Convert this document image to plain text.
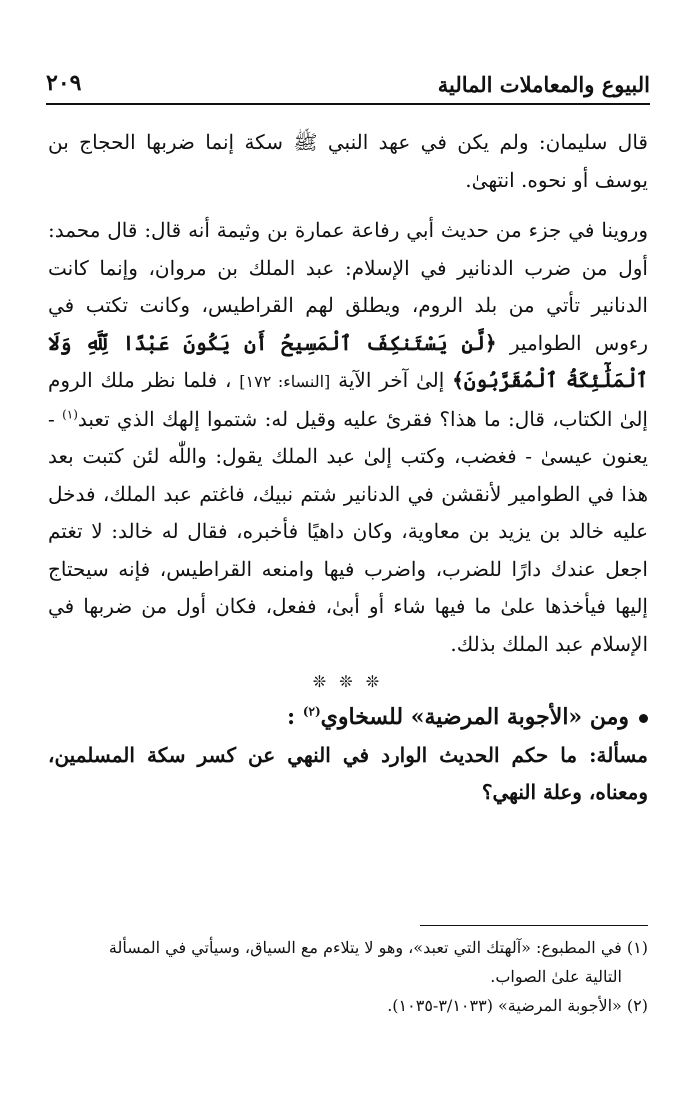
البيوع والمعاملات المالية
٢٠٩

قال سليمان: ولم يكن في عهد النبي ﷺ سكة إنما ضربها الحجاج بن يوسف أو نحوه. انتهىٰ.

وروينا في جزء من حديث أبي رفاعة عمارة بن وثيمة أنه قال: قال محمد: أول من ضرب الدنانير في الإسلام: عبد الملك بن مروان، وإنما كانت الدنانير تأتي من بلد الروم، ويطلق لهم القراطيس، وكانت تكتب في رءوس الطوامير ﴿لَّن يَسْتَنكِفَ ٱلْمَسِيحُ أَن يَكُونَ عَبْدًا لِّلَّهِ وَلَا ٱلْمَلَٰٓئِكَةُ ٱلْمُقَرَّبُونَ﴾ إلىٰ آخر الآية [النساء: ١٧٢] ، فلما نظر ملك الروم إلىٰ الكتاب، قال: ما هذا؟ فقرئ عليه وقيل له: شتموا إلهك الذي تعبد$^{(١)}$ - يعنون عيسىٰ - فغضب، وكتب إلىٰ عبد الملك يقول: واللّٰه لئن كتبت بعد هذا في الطوامير لأنقشن في الدنانير شتم نبيك، فاغتم عبد الملك، فدخل عليه خالد بن يزيد بن معاوية، وكان داهيًا فأخبره، فقال له خالد: لا تغتم اجعل عندك دارًا للضرب، واضرب فيها وامنعه القراطيس، فإنه سيحتاج إليها فيأخذها علىٰ ما فيها شاء أو أبىٰ، ففعل، فكان أول من ضربها في الإسلام عبد الملك بذلك.

❊ ❊ ❊

ومن «الأجوبة المرضية» للسخاوي$^{(٢)}$ :

مسألة: ما حكم الحديث الوارد في النهي عن كسر سكة المسلمين، ومعناه، وعلة النهي؟

(١) في المطبوع: «آلهتك التي تعبد»، وهو لا يتلاءم مع السياق، وسيأتي في المسألة

التالية علىٰ الصواب.

(٢) «الأجوبة المرضية» (٣/١٠٣٣-١٠٣٥).
